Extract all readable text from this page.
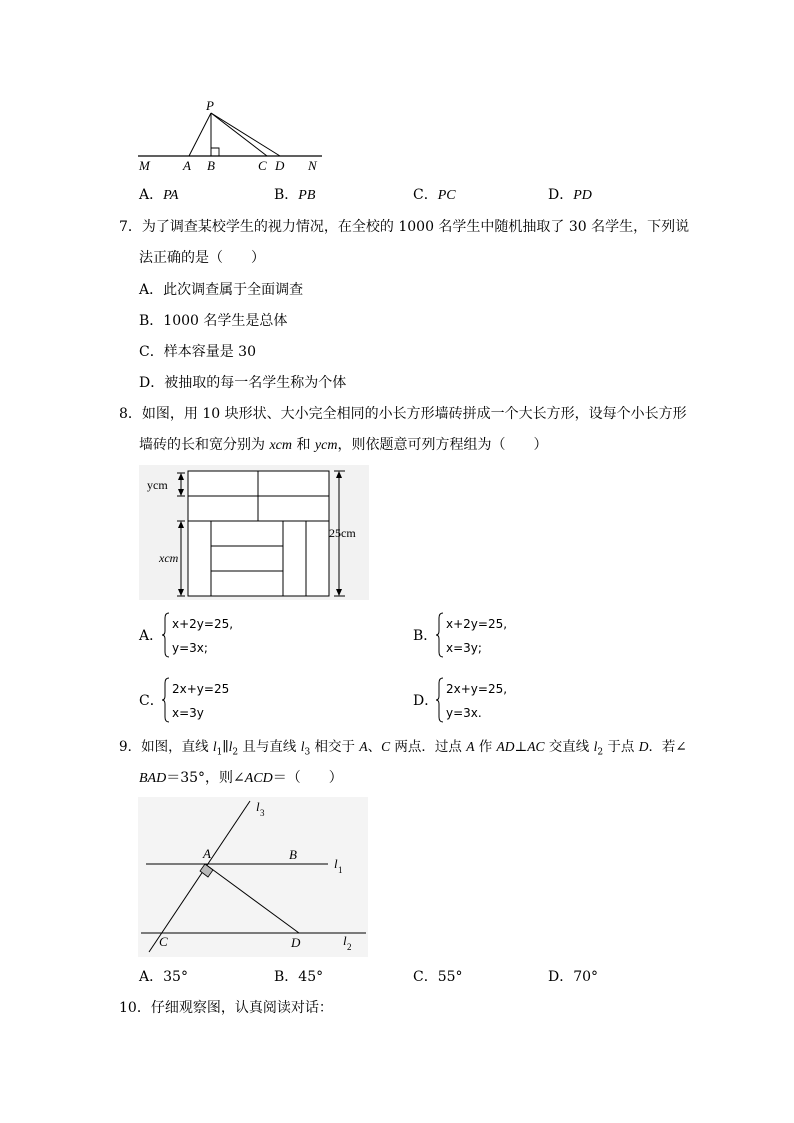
P
M	A B	C D N
A．PA	B．PB	C．PC	D．PD
7．为了调查某校学生的视力情况，在全校的 1000 名学生中随机抽取了 30 名学生，下列说
法正确的是（　　）
A．此次调查属于全面调查
B．1000 名学生是总体
C．样本容量是 30
D．被抽取的每一名学生称为个体
8．如图，用 10 块形状、大小完全相同的小长方形墙砖拼成一个大长方形，设每个小长方形
墙砖的长和宽分别为 xcm 和 ycm，则依题意可列方程组为（　　）
ycm
xcm
25cm
A．
x+2y=25,
y=3x;
B．
x+2y=25,
x=3y;
C．
2x+y=25
x=3y
D．
2x+y=25,
y=3x.
9．如图，直线 $l_1\parallel l_2$ 且与直线 $l_3$ 相交于 A、C 两点．过点 A 作 AD⊥AC 交直线 $l_2$ 于点 D．若∠
BAD＝35°，则∠ACD＝（　　）
l 3
A	B
l 1
C	D	l 2
A．35°	B．45°	C．55°	D．70°
10．仔细观察图，认真阅读对话：
